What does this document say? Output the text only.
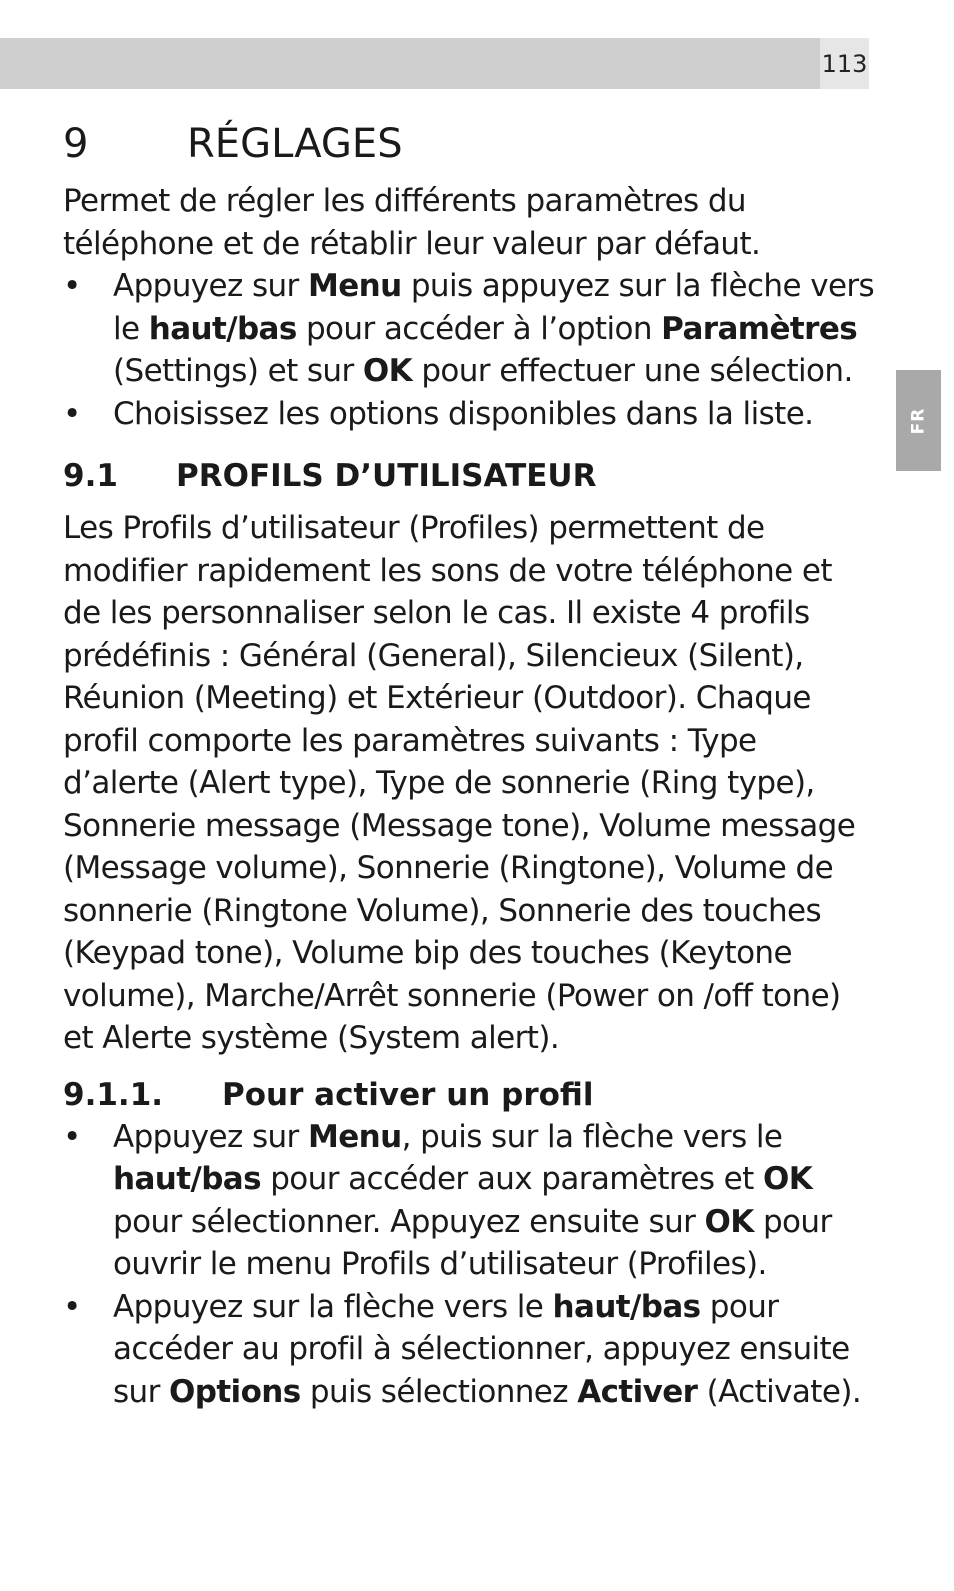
113
FR
9	RÉGLAGES

Permet de régler les différents paramètres du téléphone et de rétablir leur valeur par défaut.

• Appuyez sur Menu puis appuyez sur la flèche vers le haut/bas pour accéder à l’option Paramètres (Settings) et sur OK pour effectuer une sélection.
• Choisissez les options disponibles dans la liste.
9.1	PROFILS D’UTILISATEUR

Les Profils d’utilisateur (Profiles) permettent de modifier rapidement les sons de votre téléphone et de les personnaliser selon le cas. Il existe 4 profils prédéfinis : Général (General), Silencieux (Silent), Réunion (Meeting) et Extérieur (Outdoor). Chaque profil comporte les paramètres suivants : Type d’alerte (Alert type), Type de sonnerie (Ring type), Sonnerie message (Message tone), Volume message (Message volume), Sonnerie (Ringtone), Volume de sonnerie (Ringtone Volume), Sonnerie des touches (Keypad tone), Volume bip des touches (Keytone volume), Marche/Arrêt sonnerie (Power on /off tone) et Alerte système (System alert).

9.1.1.	Pour activer un profil
• Appuyez sur Menu, puis sur la flèche vers le haut/bas pour accéder aux paramètres et OK pour sélectionner. Appuyez ensuite sur OK pour ouvrir le menu Profils d’utilisateur (Profiles).
• Appuyez sur la flèche vers le haut/bas pour accéder au profil à sélectionner, appuyez ensuite sur Options puis sélectionnez Activer (Activate).
